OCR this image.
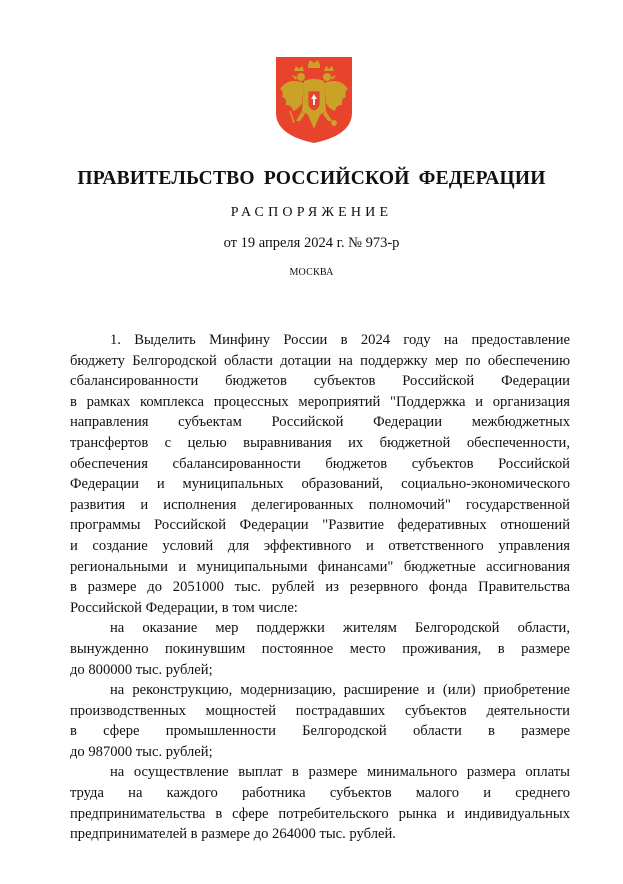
ПРАВИТЕЛЬСТВО РОССИЙСКОЙ ФЕДЕРАЦИИ
РАСПОРЯЖЕНИЕ
от 19 апреля 2024 г. № 973-р
МОСКВА
1. Выделить Минфину России в 2024 году на предоставление
бюджету Белгородской области дотации на поддержку мер по обеспечению
сбалансированности бюджетов субъектов Российской Федерации
в рамках комплекса процессных мероприятий "Поддержка и организация
направления субъектам Российской Федерации межбюджетных
трансфертов с целью выравнивания их бюджетной обеспеченности,
обеспечения сбалансированности бюджетов субъектов Российской
Федерации и муниципальных образований, социально-экономического
развития и исполнения делегированных полномочий" государственной
программы Российской Федерации "Развитие федеративных отношений
и создание условий для эффективного и ответственного управления
региональными и муниципальными финансами" бюджетные ассигнования
в размере до 2051000 тыс. рублей из резервного фонда Правительства
Российской Федерации, в том числе:
на оказание мер поддержки жителям Белгородской области,
вынужденно покинувшим постоянное место проживания, в размере
до 800000 тыс. рублей;
на реконструкцию, модернизацию, расширение и (или) приобретение
производственных мощностей пострадавших субъектов деятельности
в сфере промышленности Белгородской области в размере
до 987000 тыс. рублей;
на осуществление выплат в размере минимального размера оплаты
труда на каждого работника субъектов малого и среднего
предпринимательства в сфере потребительского рынка и индивидуальных
предпринимателей в размере до 264000 тыс. рублей.
